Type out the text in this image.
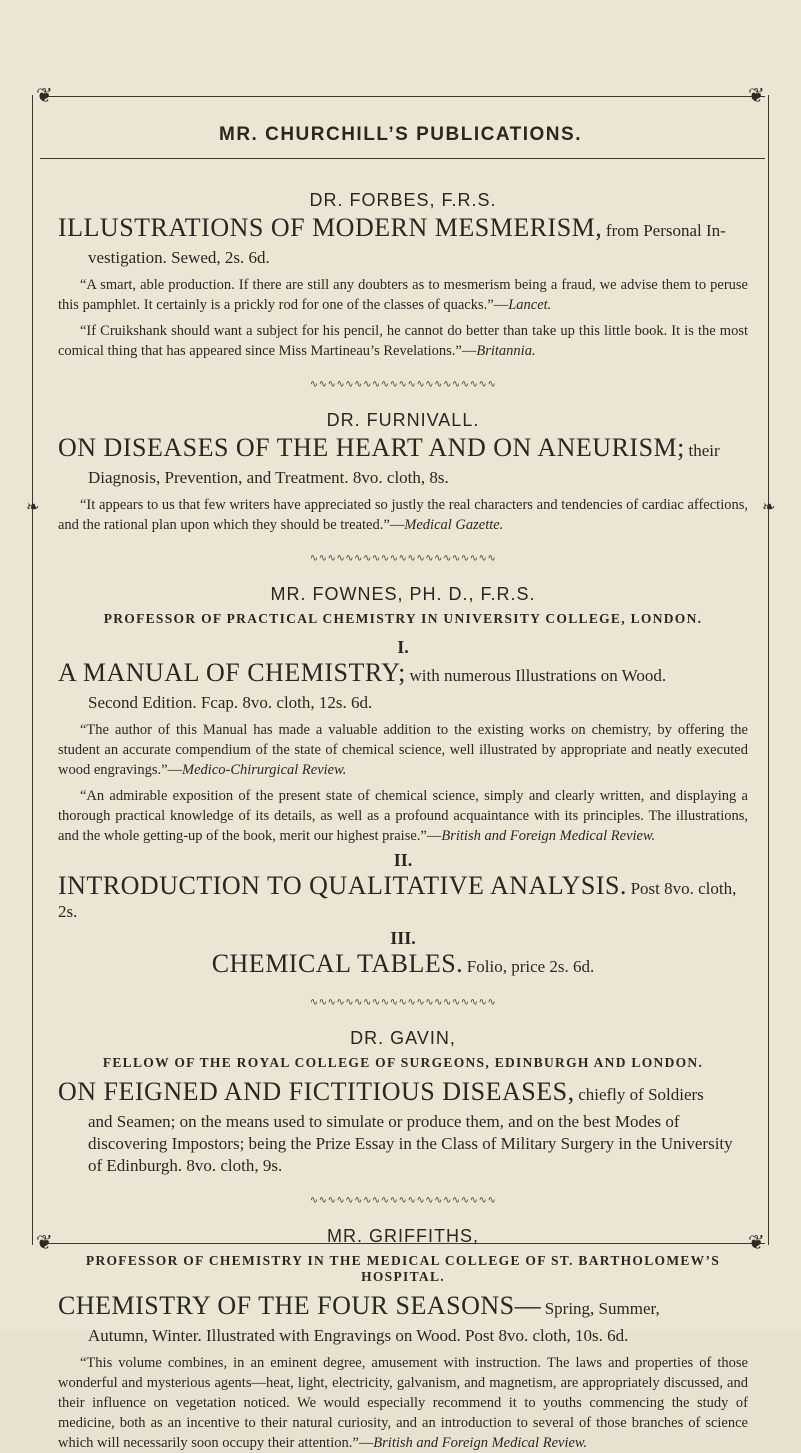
❦	❦
❦	❦
❧	❧
MR. CHURCHILL’S PUBLICATIONS.
DR. FORBES, F.R.S.
ILLUSTRATIONS OF MODERN MESMERISM, from Personal In-
vestigation. Sewed, 2s. 6d.

“A smart, able production. If there are still any doubters as to mesmerism being a fraud, we advise them to peruse this pamphlet. It certainly is a prickly rod for one of the classes of quacks.”—Lancet.

“If Cruikshank should want a subject for his pencil, he cannot do better than take up this little book. It is the most comical thing that has appeared since Miss Martineau’s Revelations.”—Britannia.

∿∿∿∿∿∿∿∿∿∿∿∿∿∿∿∿∿∿∿∿∿
DR. FURNIVALL.
ON DISEASES OF THE HEART AND ON ANEURISM; their
Diagnosis, Prevention, and Treatment. 8vo. cloth, 8s.

“It appears to us that few writers have appreciated so justly the real characters and tendencies of cardiac affections, and the rational plan upon which they should be treated.”—Medical Gazette.

∿∿∿∿∿∿∿∿∿∿∿∿∿∿∿∿∿∿∿∿∿
MR. FOWNES, PH. D., F.R.S.
PROFESSOR OF PRACTICAL CHEMISTRY IN UNIVERSITY COLLEGE, LONDON.
I.
A MANUAL OF CHEMISTRY; with numerous Illustrations on Wood.
Second Edition. Fcap. 8vo. cloth, 12s. 6d.

“The author of this Manual has made a valuable addition to the existing works on chemistry, by offering the student an accurate compendium of the state of chemical science, well illustrated by appropriate and neatly executed wood engravings.”—Medico-Chirurgical Review.

“An admirable exposition of the present state of chemical science, simply and clearly written, and displaying a thorough practical knowledge of its details, as well as a profound acquaintance with its principles. The illustrations, and the whole getting-up of the book, merit our highest praise.”—British and Foreign Medical Review.

II.
INTRODUCTION TO QUALITATIVE ANALYSIS. Post 8vo. cloth, 2s.
III.
CHEMICAL TABLES. Folio, price 2s. 6d.
∿∿∿∿∿∿∿∿∿∿∿∿∿∿∿∿∿∿∿∿∿
DR. GAVIN,
FELLOW OF THE ROYAL COLLEGE OF SURGEONS, EDINBURGH AND LONDON.
ON FEIGNED AND FICTITIOUS DISEASES, chiefly of Soldiers
and Seamen; on the means used to simulate or produce them, and on the best Modes of discovering Impostors; being the Prize Essay in the Class of Military Surgery in the University of Edinburgh. 8vo. cloth, 9s.
∿∿∿∿∿∿∿∿∿∿∿∿∿∿∿∿∿∿∿∿∿
MR. GRIFFITHS,
PROFESSOR OF CHEMISTRY IN THE MEDICAL COLLEGE OF ST. BARTHOLOMEW’S HOSPITAL.
CHEMISTRY OF THE FOUR SEASONS— Spring, Summer,
Autumn, Winter. Illustrated with Engravings on Wood. Post 8vo. cloth, 10s. 6d.

“This volume combines, in an eminent degree, amusement with instruction. The laws and properties of those wonderful and mysterious agents—heat, light, electricity, galvanism, and magnetism, are appropriately discussed, and their influence on vegetation noticed. We would especially recommend it to youths commencing the study of medicine, both as an incentive to their natural curiosity, and an introduction to several of those branches of science which will necessarily soon occupy their attention.”—British and Foreign Medical Review.
